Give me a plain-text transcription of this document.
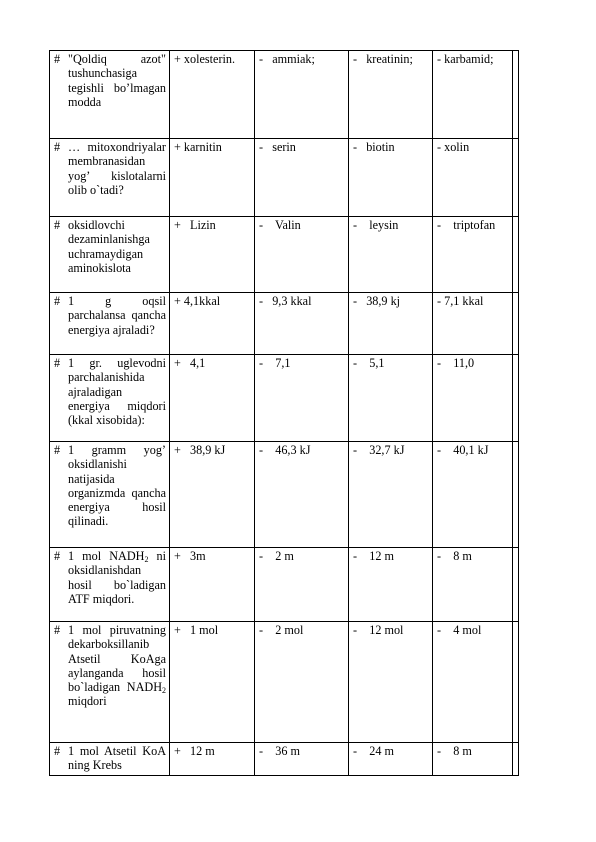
# "Qoldiq azot" tushunchasiga tegishli bo’lmagan modda	+ xolesterin.	-   ammiak;	-   kreatinin;	- karbamid;	

# … mitoxondriyalar membranasidan yog’ kislotalarni olib o`tadi?	+ karnitin	-   serin	-   biotin	- xolin	

# oksidlovchi dezaminlanishga uchramaydigan aminokislota	+   Lizin	-    Valin	-    leysin	-    triptofan	

# 1 g oqsil parchalansa qancha energiya ajraladi?	+ 4,1kkal	-   9,3 kkal	-   38,9 kj	- 7,1 kkal	

# 1 gr. uglevodni parchalanishida ajraladigan energiya miqdori (kkal xisobida):	+   4,1	-    7,1	-    5,1	-    11,0	

# 1 gramm yog’ oksidlanishi natijasida organizmda qancha energiya hosil qilinadi.	+   38,9 kJ	-    46,3 kJ	-    32,7 kJ	-    40,1 kJ	

# 1 mol $NADH_2$ ni oksidlanishdan hosil bo`ladigan ATF miqdori.	+   3m	-    2 m	-    12 m	-    8 m	

# 1 mol piruvatning dekarboksillanib Atsetil KoAga aylanganda hosil bo`ladigan $NADH_2$ miqdori	+   1 mol	-    2 mol	-    12 mol	-    4 mol	

# 1 mol Atsetil KoA ning Krebs	+   12 m	-    36 m	-    24 m	-    8 m	
